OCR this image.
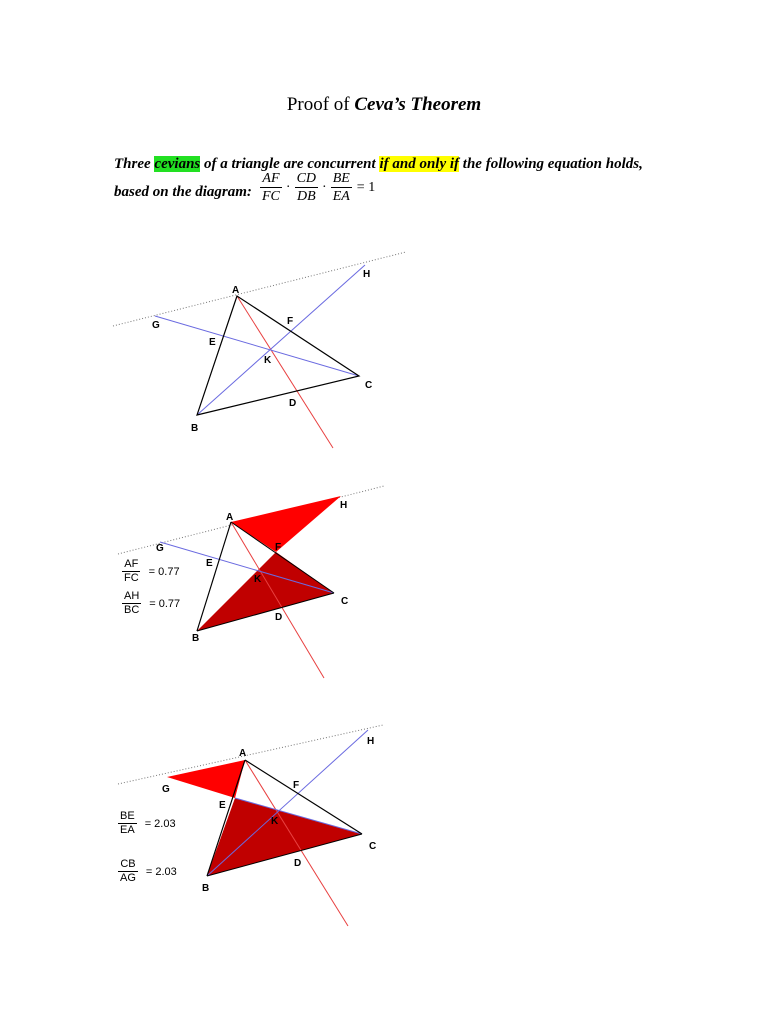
Proof of Ceva’s Theorem
Three cevians of a triangle are concurrent if and only if the following equation holds,
based on the diagram: $\frac{AF}{FC} \cdot \frac{CD}{DB} \cdot \frac{BE}{EA} = 1$
A
B
C
D
E
F
G
H
K
A
B
C
D
E
F
G
H
K
A
B
C
D
E
F
G
H
K
$\frac{AF}{FC} = 0.77$
$\frac{AH}{BC} = 0.77$
$\frac{BE}{EA} = 2.03$
$\frac{CB}{AG} = 2.03$
